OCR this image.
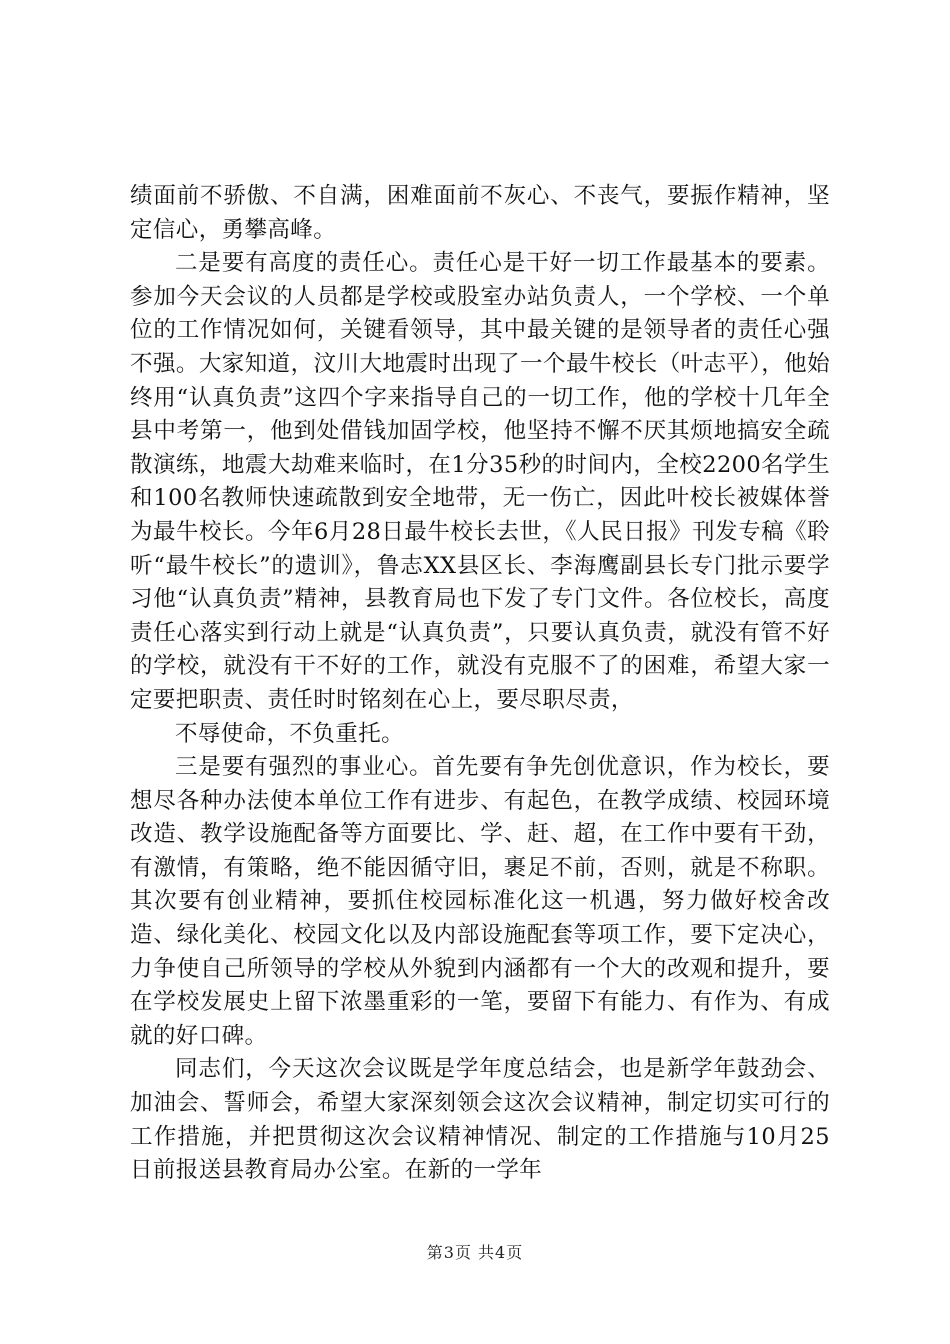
绩面前不骄傲、不自满，困难面前不灰心、不丧气，要振作精神，坚定信心，勇攀高峰。

二是要有高度的责任心。责任心是干好一切工作最基本的要素。参加今天会议的人员都是学校或股室办站负责人，一个学校、一个单位的工作情况如何，关键看领导，其中最关键的是领导者的责任心强不强。大家知道，汶川大地震时出现了一个最牛校长（叶志平），他始终用“认真负责”这四个字来指导自己的一切工作，他的学校十几年全县中考第一，他到处借钱加固学校，他坚持不懈不厌其烦地搞安全疏散演练，地震大劫难来临时，在1分35秒的时间内，全校2200名学生和100名教师快速疏散到安全地带，无一伤亡，因此叶校长被媒体誉为最牛校长。今年6月28日最牛校长去世，《人民日报》刊发专稿《聆听“最牛校长”的遗训》，鲁志XX县区长、李海鹰副县长专门批示要学习他“认真负责”精神，县教育局也下发了专门文件。各位校长，高度责任心落实到行动上就是“认真负责”，只要认真负责，就没有管不好的学校，就没有干不好的工作，就没有克服不了的困难，希望大家一定要把职责、责任时时铭刻在心上，要尽职尽责，

不辱使命，不负重托。

三是要有强烈的事业心。首先要有争先创优意识，作为校长，要想尽各种办法使本单位工作有进步、有起色，在教学成绩、校园环境改造、教学设施配备等方面要比、学、赶、超，在工作中要有干劲，有激情，有策略，绝不能因循守旧，裹足不前，否则，就是不称职。其次要有创业精神，要抓住校园标准化这一机遇，努力做好校舍改造、绿化美化、校园文化以及内部设施配套等项工作，要下定决心，力争使自己所领导的学校从外貌到内涵都有一个大的改观和提升，要在学校发展史上留下浓墨重彩的一笔，要留下有能力、有作为、有成就的好口碑。

同志们，今天这次会议既是学年度总结会，也是新学年鼓劲会、加油会、誓师会，希望大家深刻领会这次会议精神，制定切实可行的工作措施，并把贯彻这次会议精神情况、制定的工作措施与10月25日前报送县教育局办公室。在新的一学年

第3页 共4页
